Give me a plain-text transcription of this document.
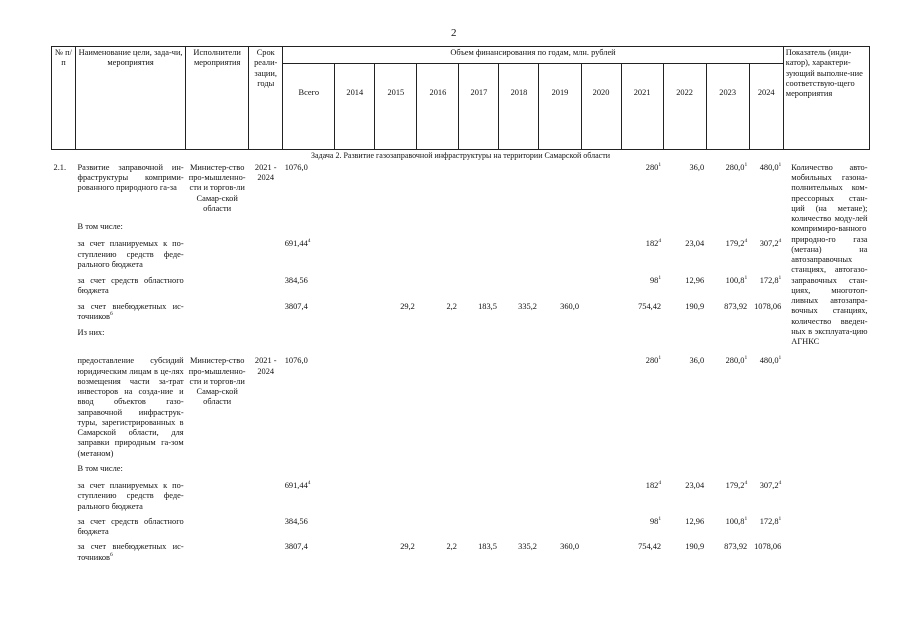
2
№ п/п	Наименование цели, зада-чи, мероприятия	Исполнители мероприятия	Срок реали-зации, годы	Объем финансирования по годам, млн. рублей												Показатель (инди-катор), характери-зующий выполне-ние соответствую-щего мероприятия
				Всего	2014	2015	2016	2017	2018	2019	2020	2021	2022	2023	2024	
Задача 2. Развитие газозаправочной инфраструктуры на территории Самарской области																
2.1.	Развитие заправочной ин-фраструктуры комприми-рованного природного га-за	Министер-ство про-мышленно-сти и торгов-ли Самар-ской области	2021 - 2024	1076,0								$280^1$	36,0	280,0$^1$	480,0$^1$	Количество авто-мобильных газона-полнительных ком-прессорных стан-ций (на метане); количество моду-лей компримиро-ванного природно-го газа (метана) на автозаправочных станциях, автогазо-заправочных стан-циях, многотоп-ливных автозапра-вочных станциях, количество введен-ных в эксплуата-цию АГНКС
	В том числе:															
	за счет планируемых к по-ступлению средств феде-рального бюджета			691,44$^4$								$182^4$	23,04	179,2$^4$	307,2$^4$
	за счет средств областного бюджета			384,56								$98^1$	12,96	100,8$^1$	172,8$^1$
	за счет внебюджетных ис-точников$^6$			3807,4		29,2	2,2	183,5	335,2	360,0		754,42	190,9	873,92	1078,06	
	Из них:															
	предоставление субсидий юридическим лицам в це-лях возмещения части за-трат инвесторов на созда-ние и ввод объектов газо-заправочной инфраструк-туры, зарегистрированных в Самарской области, для заправки природным га-зом (метаном)	Министер-ство про-мышленно-сти и торгов-ли Самар-ской области	2021 - 2024	1076,0								$280^1$	36,0	280,0$^1$	480,0$^1$	
	В том числе:															
	за счет планируемых к по-ступлению средств феде-рального бюджета			691,44$^4$								$182^4$	23,04	179,2$^4$	307,2$^4$	
	за счет средств областного бюджета			384,56								$98^1$	12,96	100,8$^1$	172,8$^1$	
	за счет внебюджетных ис-точников$^6$			3807,4		29,2	2,2	183,5	335,2	360,0		754,42	190,9	873,92	1078,06	
